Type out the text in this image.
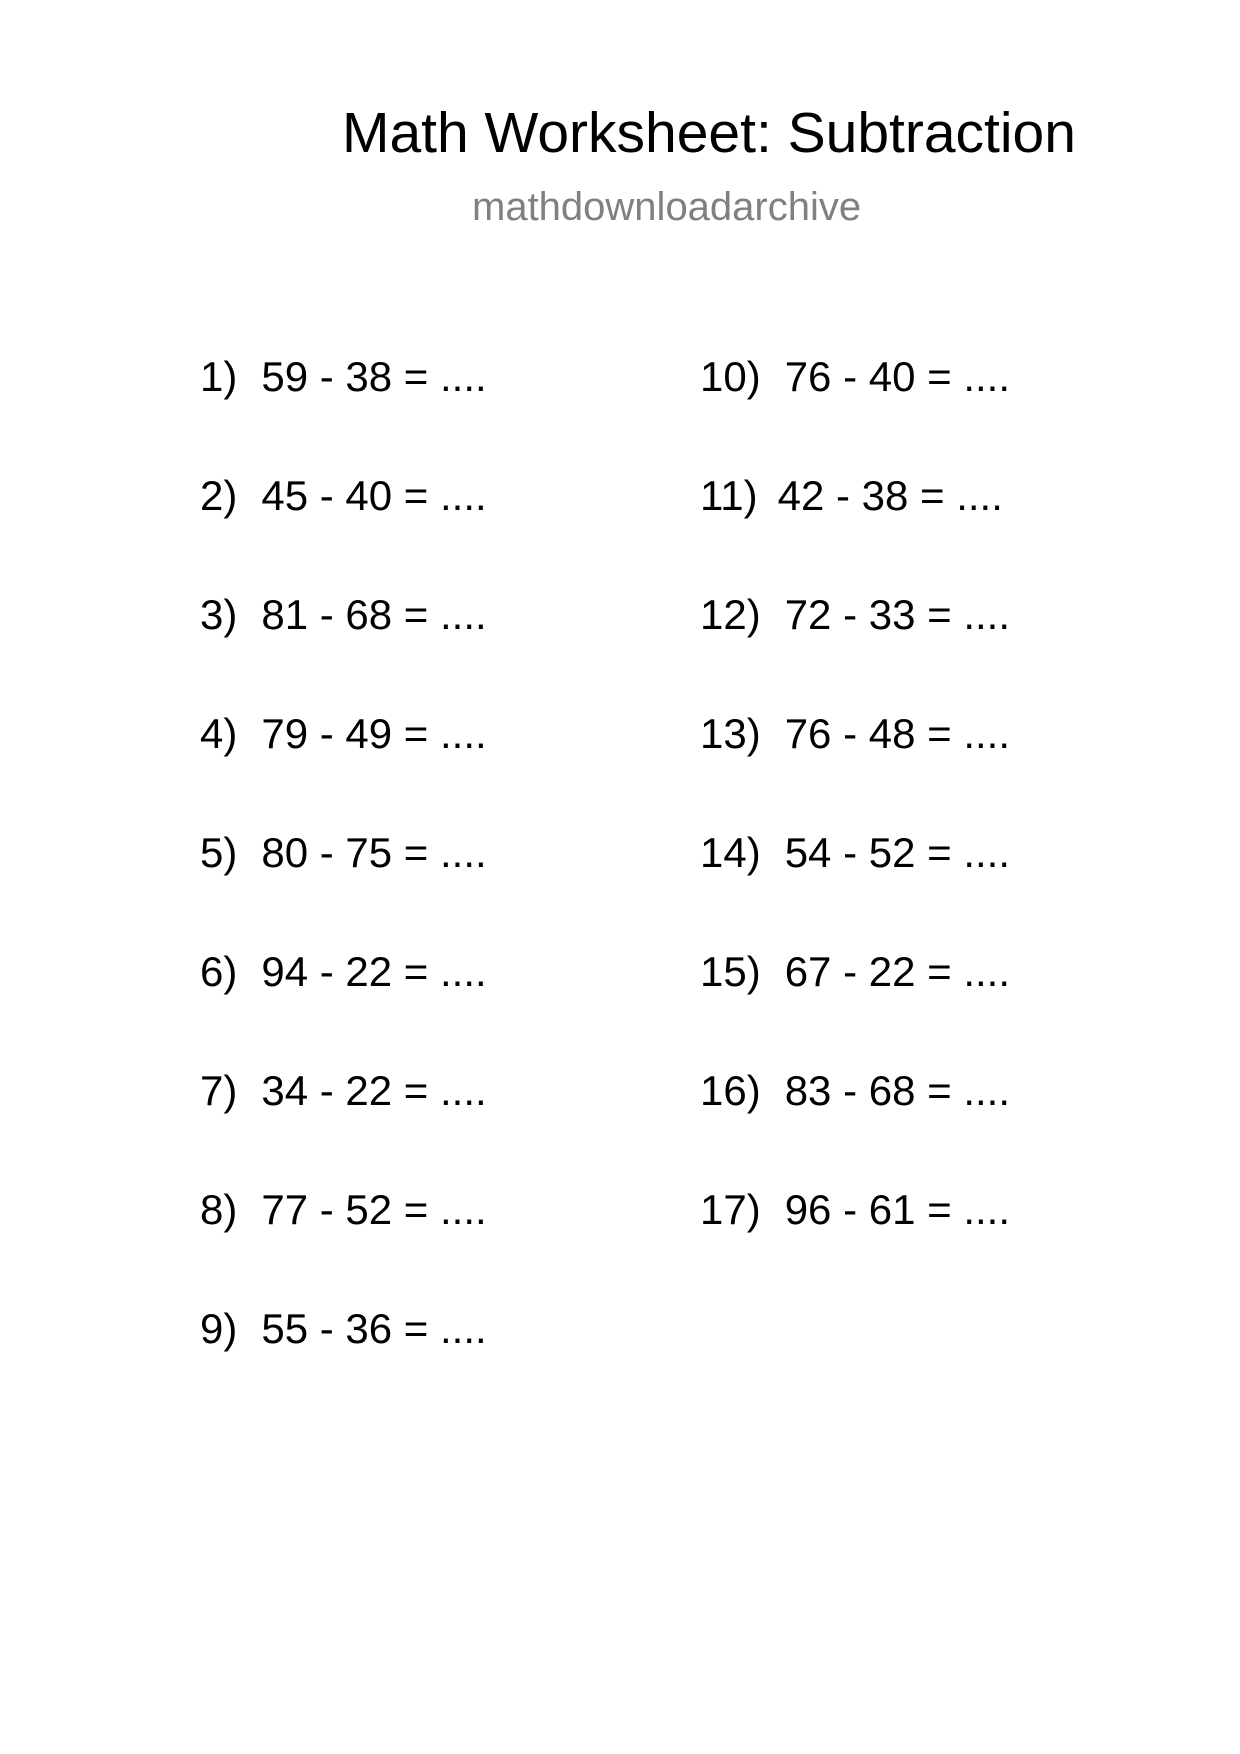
Math Worksheet: Subtraction
mathdownloadarchive
1) 59 - 38 = ....
2) 45 - 40 = ....
3) 81 - 68 = ....
4) 79 - 49 = ....
5) 80 - 75 = ....
6) 94 - 22 = ....
7) 34 - 22 = ....
8) 77 - 52 = ....
9) 55 - 36 = ....
10) 76 - 40 = ....
11) 42 - 38 = ....
12) 72 - 33 = ....
13) 76 - 48 = ....
14) 54 - 52 = ....
15) 67 - 22 = ....
16) 83 - 68 = ....
17) 96 - 61 = ....
